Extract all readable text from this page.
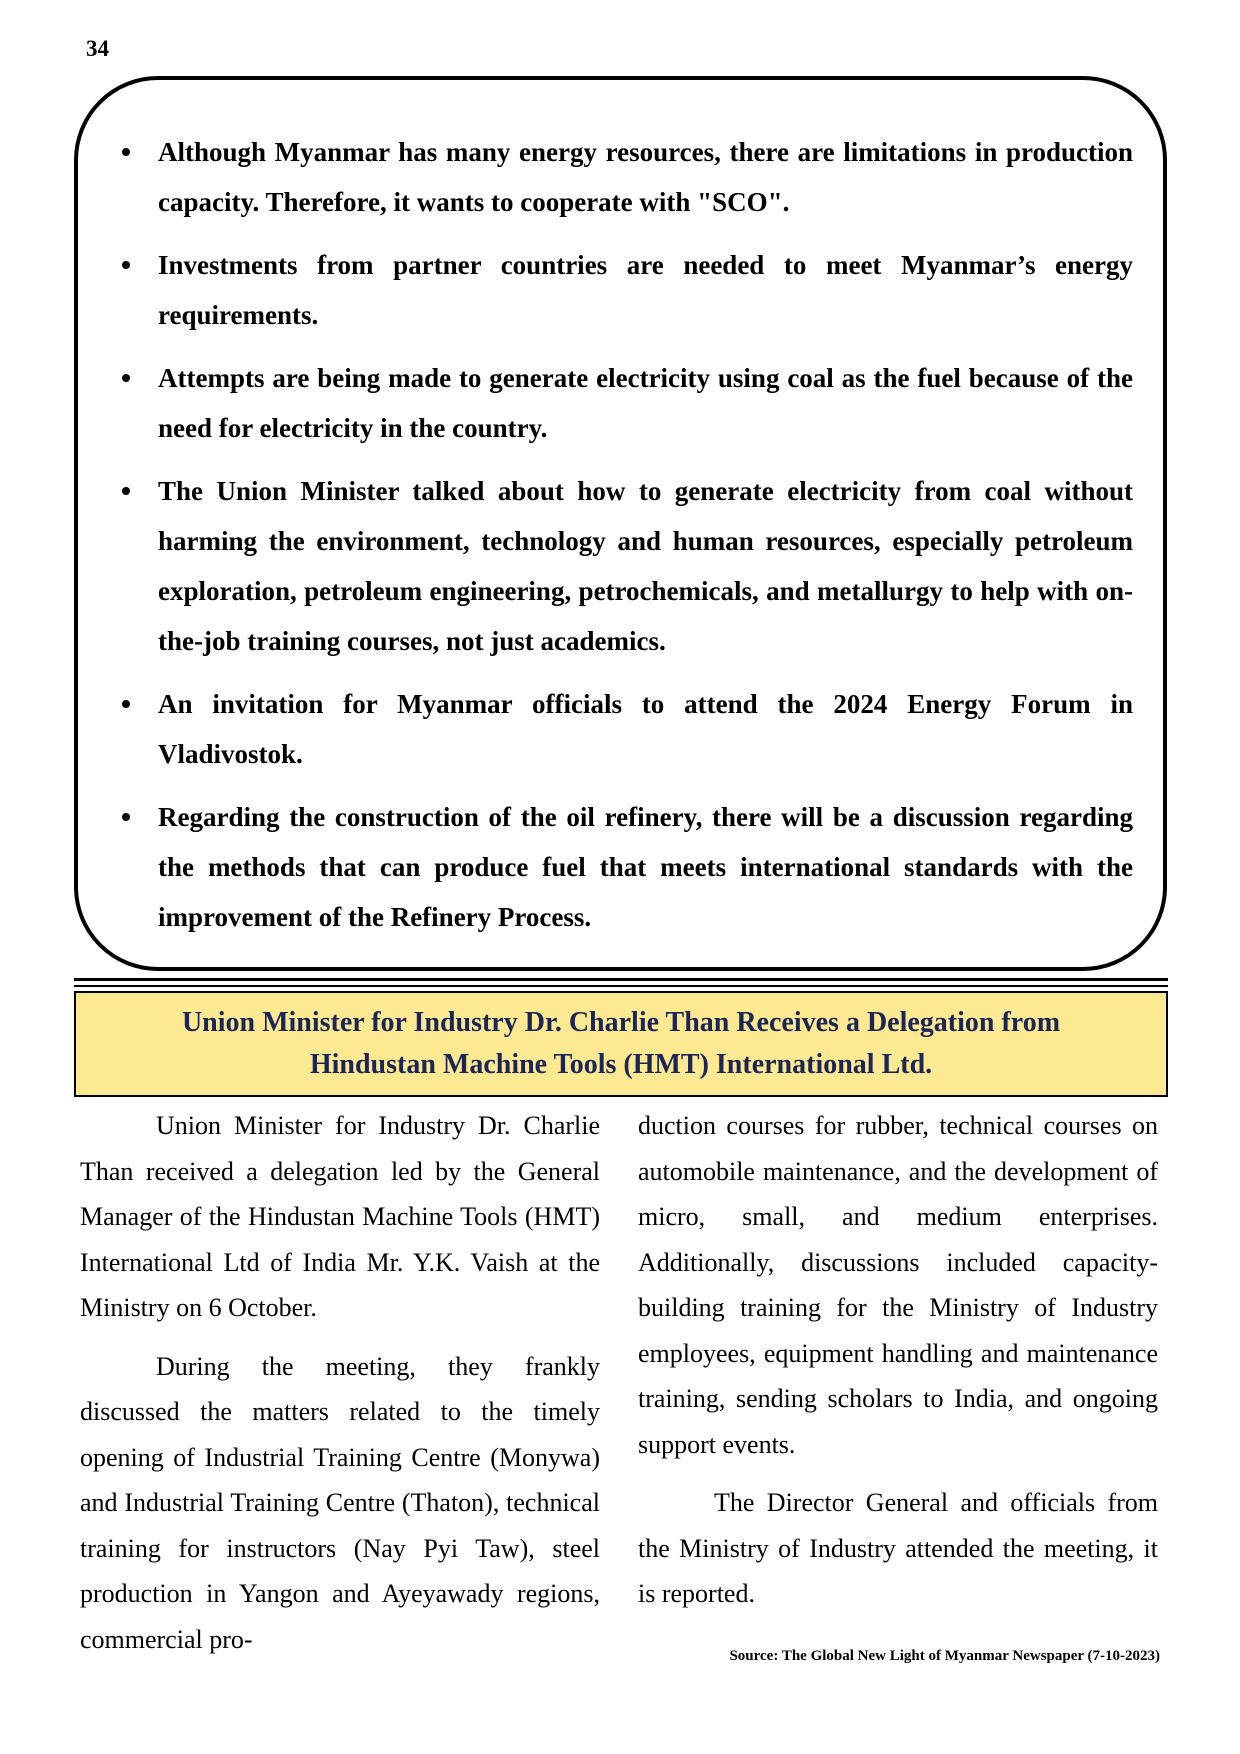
34
Although Myanmar has many energy resources, there are limitations in production capacity. Therefore, it wants to cooperate with "SCO".
Investments from partner countries are needed to meet Myanmar’s energy requirements.
Attempts are being made to generate electricity using coal as the fuel because of the need for electricity in the country.
The Union Minister talked about how to generate electricity from coal without harming the environment, technology and human resources, especially petroleum exploration, petroleum engineering, petrochemicals, and metallurgy to help with on-the-job training courses, not just academics.
An invitation for Myanmar officials to attend the 2024 Energy Forum in Vladivostok.
Regarding the construction of the oil refinery, there will be a discussion regarding the methods that can produce fuel that meets international standards with the improvement of the Refinery Process.
Union Minister for Industry Dr. Charlie Than Receives a Delegation from
Hindustan Machine Tools (HMT) International Ltd.

Union Minister for Industry Dr. Charlie Than received a delegation led by the General Manager of the Hindustan Machine Tools (HMT) International Ltd of India Mr. Y.K. Vaish at the Ministry on 6 October.

During the meeting, they frankly discussed the matters related to the timely opening of Industrial Training Centre (Monywa) and Industrial Training Centre (Thaton), technical training for instructors (Nay Pyi Taw), steel production in Yangon and Ayeyawady regions, commercial pro-

duction courses for rubber, technical courses on automobile maintenance, and the development of micro, small, and medium enterprises. Additionally, discussions included capacity-building training for the Ministry of Industry employees, equipment handling and maintenance training, sending scholars to India, and ongoing support events.

The Director General and officials from the Ministry of Industry attended the meeting, it is reported.

Source: The Global New Light of Myanmar Newspaper (7-10-2023)
